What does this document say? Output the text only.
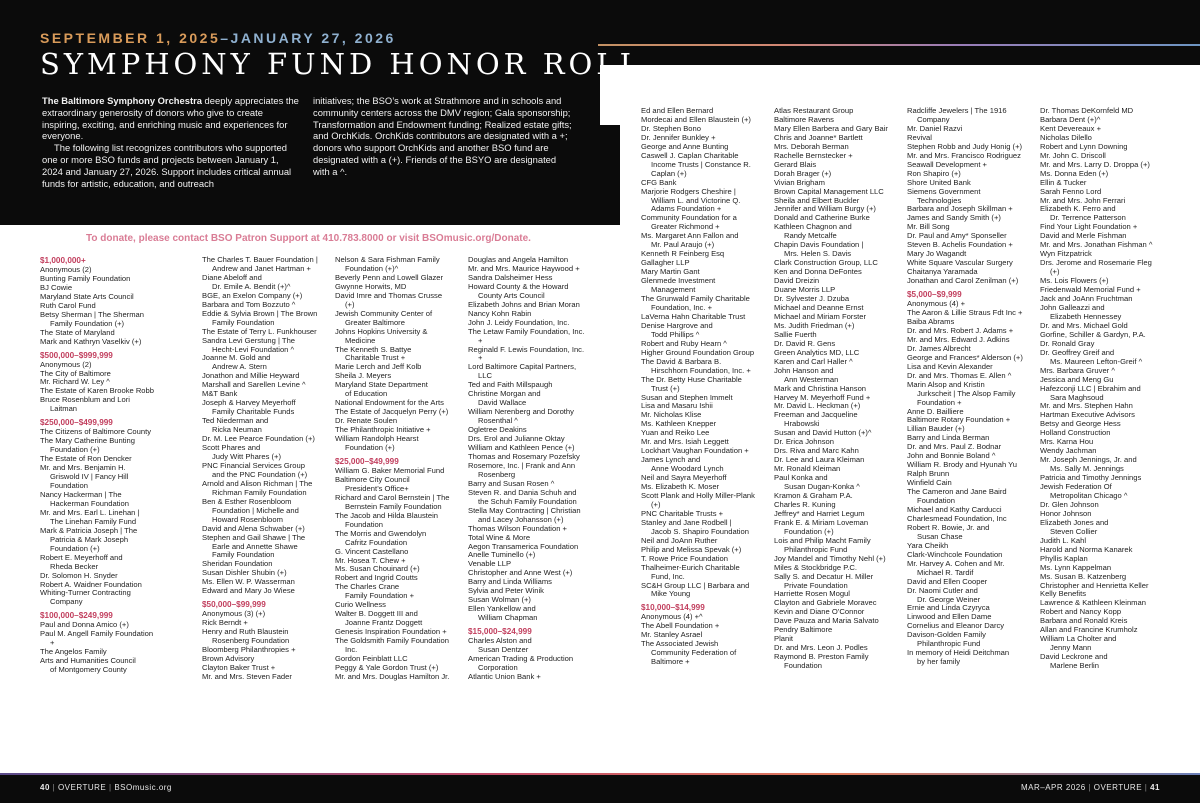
SEPTEMBER 1, 2025–JANUARY 27, 2026
SYMPHONY FUND HONOR ROLL

The Baltimore Symphony Orchestra deeply appreciates the extraordinary generosity of donors who give to create inspiring, exciting, and enriching music and experiences for everyone.

The following list recognizes contributors who supported one or more BSO funds and projects between January 1, 2024 and January 27, 2026. Support includes critical annual funds for artistic, education, and outreach

initiatives; the BSO’s work at Strathmore and in schools and community centers across the DMV region; Gala sponsorship; Transformation and Endowment funding; Realized estate gifts; and OrchKids. OrchKids contributors are designated with a +; donors who support OrchKids and another BSO fund are designated with a (+). Friends of the BSYO are designated with a ^.

To donate, please contact BSO Patron Support at 410.783.8000 or visit BSOmusic.org/Donate.
$1,000,000+
Anonymous (2)
Bunting Family Foundation
BJ Cowie
Maryland State Arts Council
Ruth Carol Fund
Betsy Sherman | The Sherman
Family Foundation (+)
The State of Maryland
Mark and Kathryn Vaselkiv (+)
$500,000–$999,999
Anonymous (2)
The City of Baltimore
Mr. Richard W. Ley ^
The Estate of Karen Brooke Robb
Bruce Rosenblum and Lori
Laitman
$250,000–$499,999
The Citizens of Baltimore County
The Mary Catherine Bunting
Foundation (+)
The Estate of Ron Dencker
Mr. and Mrs. Benjamin H.
Griswold IV | Fancy Hill
Foundation
Nancy Hackerman | The
Hackerman Foundation
Mr. and Mrs. Earl L. Linehan |
The Linehan Family Fund
Mark & Patricia Joseph | The
Patricia & Mark Joseph
Foundation (+)
Robert E. Meyerhoff and
Rheda Becker
Dr. Solomon H. Snyder
Robert A. Waidner Foundation
Whiting-Turner Contracting
Company
$100,000–$249,999
Paul and Donna Amico (+)
Paul M. Angell Family Foundation
+
The Angelos Family
Arts and Humanities Council
of Montgomery County
The Charles T. Bauer Foundation |
Andrew and Janet Hartman +
Diane Abeloff and
Dr. Emile A. Bendit (+)^
BGE, an Exelon Company (+)
Barbara and Tom Bozzuto ^
Eddie & Sylvia Brown | The Brown
Family Foundation
The Estate of Terry L. Funkhouser
Sandra Levi Gerstung | The
Hecht-Levi Foundation ^
Joanne M. Gold and
Andrew A. Stern
Jonathon and Millie Heyward
Marshall and Sarellen Levine ^
M&T Bank
Joseph & Harvey Meyerhoff
Family Charitable Funds
Ted Niederman and
Ricka Neuman
Dr. M. Lee Pearce Foundation (+)
Scott Phares and
Judy Witt Phares (+)
PNC Financial Services Group
and the PNC Foundation (+)
Arnold and Alison Richman | The
Richman Family Foundation
Ben & Esther Rosenbloom
Foundation | Michelle and
Howard Rosenbloom
David and Alena Schwaber (+)
Stephen and Gail Shawe | The
Earle and Annette Shawe
Family Foundation
Sheridan Foundation
Susan Dishler Shubin (+)
Ms. Ellen W. P. Wasserman
Edward and Mary Jo Wiese
$50,000–$99,999
Anonymous (3) (+)
Rick Berndt +
Henry and Ruth Blaustein
Rosenberg Foundation
Bloomberg Philanthropies +
Brown Advisory
Clayton Baker Trust +
Mr. and Mrs. Steven Fader
Nelson & Sara Fishman Family
Foundation (+)^
Beverly Penn and Lowell Glazer
Gwynne Horwits, MD
David Imre and Thomas Crusse
(+)
Jewish Community Center of
Greater Baltimore
Johns Hopkins University &
Medicine
The Kenneth S. Battye
Charitable Trust +
Marie Lerch and Jeff Kolb
Sheila J. Meyers
Maryland State Department
of Education
National Endowment for the Arts
The Estate of Jacquelyn Perry (+)
Dr. Renate Soulen
The Philanthropic Initiative +
William Randolph Hearst
Foundation (+)
$25,000–$49,999
William G. Baker Memorial Fund
Baltimore City Council
President’s Office+
Richard and Carol Bernstein | The
Bernstein Family Foundation
The Jacob and Hilda Blaustein
Foundation
The Morris and Gwendolyn
Cafritz Foundation
G. Vincent Castellano
Mr. Hosea T. Chew +
Ms. Susan Chouinard (+)
Robert and Ingrid Coutts
The Charles Crane
Family Foundation +
Curio Wellness
Walter B. Doggett III and
Joanne Frantz Doggett
Genesis Inspiration Foundation +
The Goldsmith Family Foundation
Inc.
Gordon Feinblatt LLC
Peggy & Yale Gordon Trust (+)
Mr. and Mrs. Douglas Hamilton Jr.
Douglas and Angela Hamilton
Mr. and Mrs. Maurice Haywood +
Sandra Dalsheimer Hess
Howard County & the Howard
County Arts Council
Elizabeth Johns and Brian Moran
Nancy Kohn Rabin
John J. Leidy Foundation, Inc.
The Letaw Family Foundation, Inc.
+
Reginald F. Lewis Foundation, Inc.
+
Lord Baltimore Capital Partners,
LLC
Ted and Faith Millspaugh
Christine Morgan and
David Wallace
William Nerenberg and Dorothy
Rosenthal ^
Ogletree Deakins
Drs. Erol and Julianne Oktay
William and Kathleen Pence (+)
Thomas and Rosemary Pozefsky
Rosemore, Inc. | Frank and Ann
Rosenberg
Barry and Susan Rosen ^
Steven R. and Dania Schuh and
the Schuh Family Foundation
Stella May Contracting | Christian
and Lacey Johansson (+)
Thomas Wilson Foundation +
Total Wine & More
Aegon Transamerica Foundation
Anelle Tuminello (+)
Venable LLP
Christopher and Anne West (+)
Barry and Linda Williams
Sylvia and Peter Winik
Susan Wolman (+)
Ellen Yankellow and
William Chapman
$15,000–$24,999
Charles Alston and
Susan Dentzer
American Trading & Production
Corporation
Atlantic Union Bank +
Ed and Ellen Bernard
Mordecai and Ellen Blaustein (+)
Dr. Stephen Bono
Dr. Jennifer Bunkley +
George and Anne Bunting
Caswell J. Caplan Charitable
Income Trusts | Constance R.
Caplan (+)
CFG Bank
Marjorie Rodgers Cheshire |
William L. and Victorine Q.
Adams Foundation +
Community Foundation for a
Greater Richmond +
Ms. Margaret Ann Fallon and
Mr. Paul Araujo (+)
Kenneth R Feinberg Esq
Gallagher LLP
Mary Martin Gant
Glenmede Investment
Management
The Grunwald Family Charitable
Foundation, Inc. +
LaVerna Hahn Charitable Trust
Denise Hargrove and
Todd Phillips ^
Robert and Ruby Hearn ^
Higher Ground Foundation Group
The David & Barbara B.
Hirschhorn Foundation, Inc. +
The Dr. Betty Huse Charitable
Trust (+)
Susan and Stephen Immelt
Lisa and Masaru Ishii
Mr. Nicholas Klise
Ms. Kathleen Knepper
Yuan and Reiko Lee
Mr. and Mrs. Isiah Leggett
Lockhart Vaughan Foundation +
James Lynch and
Anne Woodard Lynch
Neil and Sayra Meyerhoff
Ms. Elizabeth K. Moser
Scott Plank and Holly Miller-Plank
(+)
PNC Charitable Trusts +
Stanley and Jane Rodbell |
Jacob S. Shapiro Foundation
Neil and JoAnn Ruther
Philip and Melissa Spevak (+)
T. Rowe Price Foundation
Thalheimer-Eurich Charitable
Fund, Inc.
SC&H Group LLC | Barbara and
Mike Young
$10,000–$14,999
Anonymous (4) +^
The Abell Foundation +
Mr. Stanley Asrael
The Associated Jewish
Community Federation of
Baltimore +
Atlas Restaurant Group
Baltimore Ravens
Mary Ellen Barbera and Gary Bair
Chris and Joanne* Bartlett
Mrs. Deborah Berman
Rachelle Bernstecker +
Gerard Blais
Dorah Brager (+)
Vivian Brigham
Brown Capital Management LLC
Sheila and Elbert Buckler
Jennifer and William Burgy (+)
Donald and Catherine Burke
Kathleen Chagnon and
Randy Metcalfe
Chapin Davis Foundation |
Mrs. Helen S. Davis
Clark Construction Group, LLC
Ken and Donna DeFontes
David Dreizin
Duane Morris LLP
Dr. Sylvester J. Dzuba
Michael and Deanne Ernst
Michael and Miriam Forster
Ms. Judith Friedman (+)
Sallie Fuerth
Dr. David R. Gens
Green Analytics MD, LLC
Karen and Carl Haller ^
John Hanson and
Ann Westerman
Mark and Christina Hanson
Harvey M. Meyerhoff Fund +
Mr. David L. Heckman (+)
Freeman and Jacqueline
Hrabowski
Susan and David Hutton (+)^
Dr. Erica Johnson
Drs. Riva and Marc Kahn
Dr. Lee and Laura Kleiman
Mr. Ronald Kleiman
Paul Konka and
Susan Dugan-Konka ^
Kramon & Graham P.A.
Charles R. Kuning
Jeffrey* and Harriet Legum
Frank E. & Miriam Loveman
Foundation (+)
Lois and Philip Macht Family
Philanthropic Fund
Joy Mandel and Timothy Nehl (+)
Miles & Stockbridge P.C.
Sally S. and Decatur H. Miller
Private Foundation
Harriette Rosen Mogul
Clayton and Gabriele Moravec
Kevin and Diane O’Connor
Dave Pauza and Maria Salvato
Pendry Baltimore
Planit
Dr. and Mrs. Leon J. Podles
Raymond B. Preston Family
Foundation
Radcliffe Jewelers | The 1916
Company
Mr. Daniel Razvi
Revival
Stephen Robb and Judy Honig (+)
Mr. and Mrs. Francisco Rodriguez
Seawall Development +
Ron Shapiro (+)
Shore United Bank
Siemens Government
Technologies
Barbara and Joseph Skillman +
James and Sandy Smith (+)
Mr. Bill Song
Dr. Paul and Amy* Sponseller
Steven B. Achelis Foundation +
Mary Jo Wagandt
White Square Vascular Surgery
Chaitanya Yaramada
Jonathan and Carol Zenilman (+)
$5,000–$9,999
Anonymous (4) +
The Aaron & Lillie Straus Fdt Inc +
Baiba Abrams
Dr. and Mrs. Robert J. Adams +
Mr. and Mrs. Edward J. Adkins
Dr. James Albrecht
George and Frances* Alderson (+)
Lisa and Kevin Alexander
Dr. and Mrs. Thomas E. Allen ^
Marin Alsop and Kristin
Jurkscheit | The Alsop Family
Foundation +
Anne D. Bailliere
Baltimore Rotary Foundation +
Lillian Bauder (+)
Barry and Linda Berman
Dr. and Mrs. Paul Z. Bodnar
John and Bonnie Boland ^
William R. Brody and Hyunah Yu
Ralph Brunn
Winfield Cain
The Cameron and Jane Baird
Foundation
Michael and Kathy Carducci
Charlesmead Foundation, Inc
Robert R. Bowie, Jr. and
Susan Chase
Yara Cheikh
Clark-Winchcole Foundation
Mr. Harvey A. Cohen and Mr.
Michael R. Tardif
David and Ellen Cooper
Dr. Naomi Cutler and
Dr. George Weiner
Ernie and Linda Czyryca
Linwood and Ellen Dame
Cornelius and Eleanor Darcy
Davison-Golden Family
Philanthropic Fund
In memory of Heidi Deitchman
by her family
Dr. Thomas DeKornfeld MD
Barbara Dent (+)^
Kent Devereaux +
Nicholas Dilello
Robert and Lynn Downing
Mr. John C. Driscoll
Mr. and Mrs. Larry D. Droppa (+)
Ms. Donna Eden (+)
Ellin & Tucker
Sarah Fenno Lord
Mr. and Mrs. John Ferrari
Elizabeth K. Ferro and
Dr. Terrence Patterson
Find Your Light Foundation +
David and Merle Fishman
Mr. and Mrs. Jonathan Fishman ^
Wyn Fitzpatrick
Drs. Jerome and Rosemarie Fleg
(+)
Ms. Lois Flowers (+)
Friedenwald Memorial Fund +
Jack and JoAnn Fruchtman
John Galleazzi and
Elizabeth Hennessey
Dr. and Mrs. Michael Gold
Gorfine, Schiller & Gardyn, P.A.
Dr. Ronald Gray
Dr. Geoffrey Greif and
Ms. Maureen Lefton-Greif ^
Mrs. Barbara Gruver ^
Jessica and Meng Gu
Hafezconji LLC | Ebrahim and
Sara Maghsoud
Mr. and Mrs. Stephen Hahn
Hartman Executive Advisors
Betsy and George Hess
Holland Construction
Mrs. Karna Hou
Wendy Jachman
Mr. Joseph Jennings, Jr. and
Ms. Sally M. Jennings
Patricia and Timothy Jennings
Jewish Federation Of
Metropolitan Chicago ^
Dr. Glen Johnson
Honor Johnson
Elizabeth Jones and
Steven Collier
Judith L. Kahl
Harold and Norma Kanarek
Phyllis Kaplan
Ms. Lynn Kappelman
Ms. Susan B. Katzenberg
Christopher and Henrietta Keller
Kelly Benefits
Lawrence & Kathleen Kleinman
Robert and Nancy Kopp
Barbara and Ronald Kreis
Allan and Francine Krumholz
William La Cholter and
Jenny Mann
David Leckrone and
Marlene Berlin
40 | OVERTURE | BSOmusic.org	MAR–APR 2026 | OVERTURE | 41
